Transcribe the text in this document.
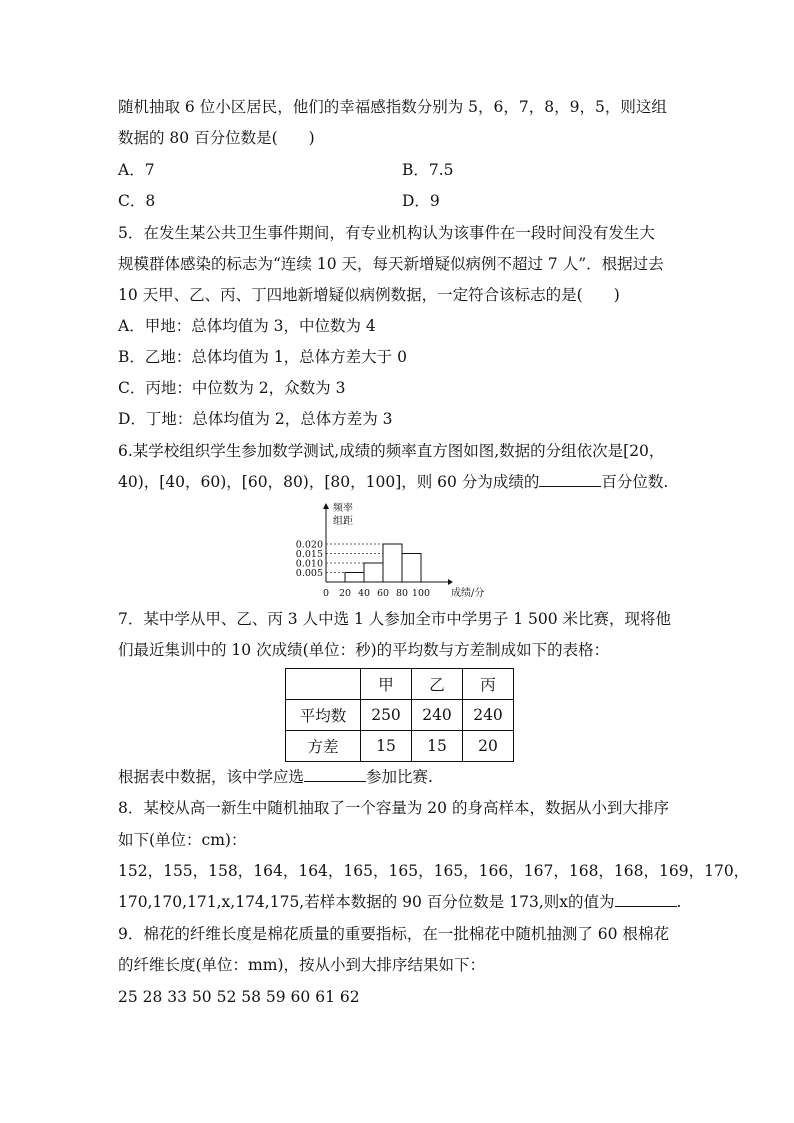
随机抽取 6 位小区居民，他们的幸福感指数分别为 5，6，7，8，9，5，则这组
数据的 80 百分位数是(　　)
A．7	B．7.5
C．8	D．9
5．在发生某公共卫生事件期间，有专业机构认为该事件在一段时间没有发生大
规模群体感染的标志为“连续 10 天，每天新增疑似病例不超过 7 人”．根据过去
10 天甲、乙、丙、丁四地新增疑似病例数据，一定符合该标志的是(　　)
A．甲地：总体均值为 3，中位数为 4
B．乙地：总体均值为 1，总体方差大于 0
C．丙地：中位数为 2，众数为 3
D．丁地：总体均值为 2，总体方差为 3
6.某学校组织学生参加数学测试,成绩的频率直方图如图,数据的分组依次是[20，
40)，[40，60)，[60，80)，[80，100]，则 60 分为成绩的	百分位数.
0 20 40 60 80 100
0.005
0.010
0.015
0.020
频率
组距
成绩/分
7．某中学从甲、乙、丙 3 人中选 1 人参加全市中学男子 1 500 米比赛，现将他
们最近集训中的 10 次成绩(单位：秒)的平均数与方差制成如下的表格：
	甲	乙	丙
平均数	250	240	240
方差	15	15	20
根据表中数据，该中学应选	参加比赛.
8．某校从高一新生中随机抽取了一个容量为 20 的身高样本，数据从小到大排序
如下(单位：cm)：
152，155，158，164，164，165，165，165，166，167，168，168，169，170，
170,170,171,x,174,175,若样本数据的 90 百分位数是 173,则x的值为	.
9．棉花的纤维长度是棉花质量的重要指标，在一批棉花中随机抽测了 60 根棉花
的纤维长度(单位：mm)，按从小到大排序结果如下：
25 28 33 50 52 58 59 60 61 62
